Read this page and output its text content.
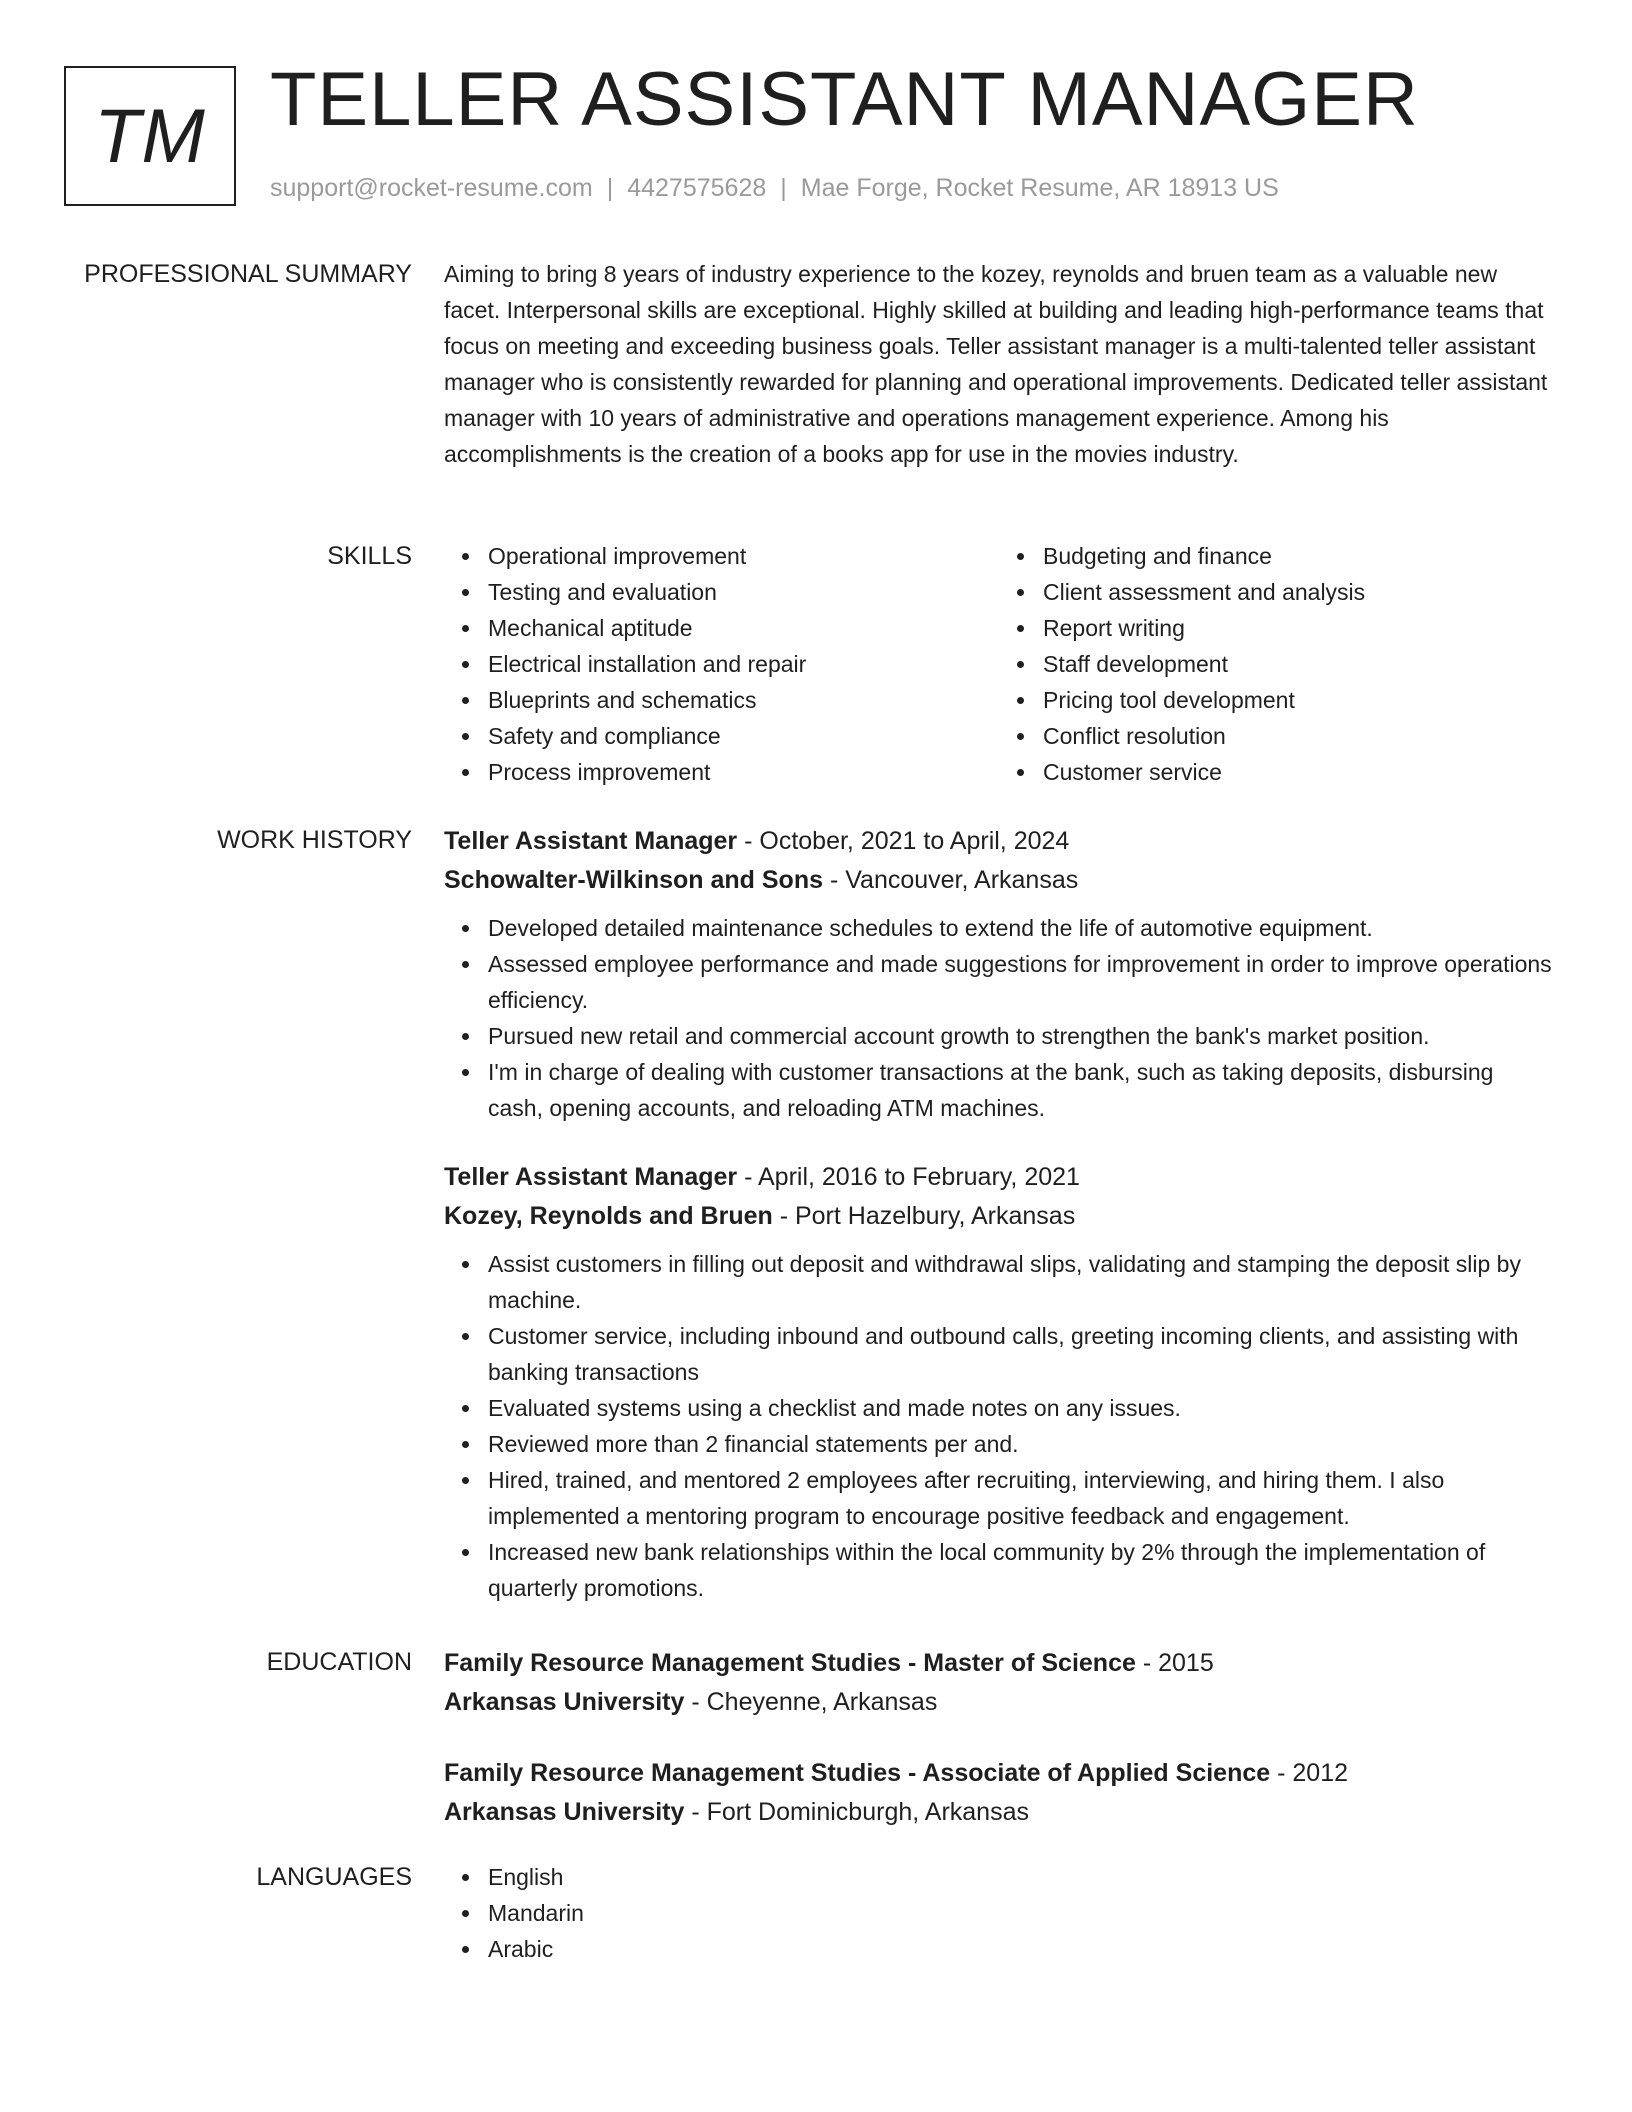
TM TELLER ASSISTANT MANAGER
support@rocket-resume.com | 4427575628 | Mae Forge, Rocket Resume, AR 18913 US
PROFESSIONAL SUMMARY Aiming to bring 8 years of industry experience to the kozey, reynolds and bruen team as a valuable new facet. Interpersonal skills are exceptional. Highly skilled at building and leading high-performance teams that focus on meeting and exceeding business goals. Teller assistant manager is a multi-talented teller assistant manager who is consistently rewarded for planning and operational improvements. Dedicated teller assistant manager with 10 years of administrative and operations management experience. Among his accomplishments is the creation of a books app for use in the movies industry.

SKILLS	Operational improvement
Testing and evaluation
Mechanical aptitude
Electrical installation and repair
Blueprints and schematics
Safety and compliance
Process improvement
Budgeting and finance
Client assessment and analysis
Report writing
Staff development
Pricing tool development
Conflict resolution
Customer service
WORK HISTORY Teller Assistant Manager - October, 2021 to April, 2024
Schowalter-Wilkinson and Sons - Vancouver, Arkansas
Developed detailed maintenance schedules to extend the life of automotive equipment.
Assessed employee performance and made suggestions for improvement in order to improve operations efficiency.
Pursued new retail and commercial account growth to strengthen the bank's market position.
I'm in charge of dealing with customer transactions at the bank, such as taking deposits, disbursing cash, opening accounts, and reloading ATM machines.
Teller Assistant Manager - April, 2016 to February, 2021
Kozey, Reynolds and Bruen - Port Hazelbury, Arkansas
Assist customers in filling out deposit and withdrawal slips, validating and stamping the deposit slip by machine.
Customer service, including inbound and outbound calls, greeting incoming clients, and assisting with banking transactions
Evaluated systems using a checklist and made notes on any issues.
Reviewed more than 2 financial statements per and.
Hired, trained, and mentored 2 employees after recruiting, interviewing, and hiring them. I also implemented a mentoring program to encourage positive feedback and engagement.
Increased new bank relationships within the local community by 2% through the implementation of quarterly promotions.
EDUCATION Family Resource Management Studies - Master of Science - 2015
Arkansas University - Cheyenne, Arkansas
Family Resource Management Studies - Associate of Applied Science - 2012
Arkansas University - Fort Dominicburgh, Arkansas
LANGUAGES	English
Mandarin
Arabic
